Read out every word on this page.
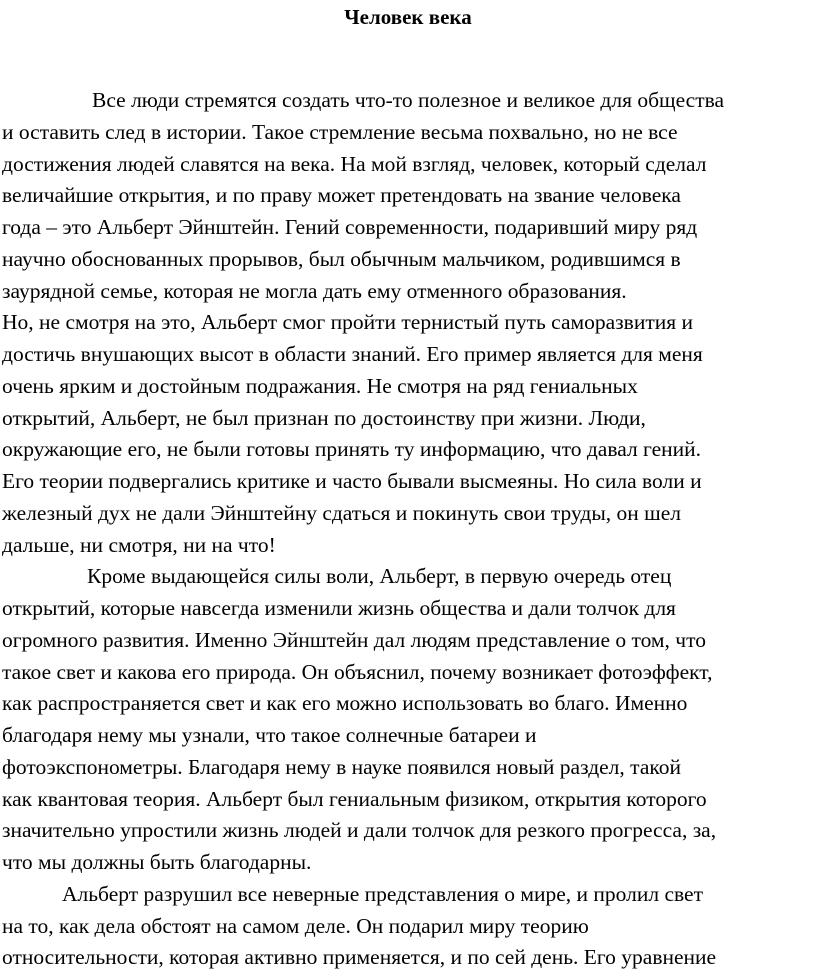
Человек века
Все люди стремятся создать что-то полезное и великое для общества
и оставить след в истории. Такое стремление весьма похвально, но не все
достижения людей славятся на века. На мой взгляд, человек, который сделал
величайшие открытия, и по праву может претендовать на звание человека
года – это Альберт Эйнштейн. Гений современности, подаривший миру ряд
научно обоснованных прорывов, был обычным мальчиком, родившимся в
заурядной семье, которая не могла дать ему отменного образования.
Но, не смотря на это, Альберт смог пройти тернистый путь саморазвития и
достичь внушающих высот в области знаний. Его пример является для меня
очень ярким и достойным подражания. Не смотря на ряд гениальных
открытий, Альберт, не был признан по достоинству при жизни. Люди,
окружающие его, не были готовы принять ту информацию, что давал гений.
Его теории подвергались критике и часто бывали высмеяны. Но сила воли и
железный дух не дали Эйнштейну сдаться и покинуть свои труды, он шел
дальше, ни смотря, ни на что!
Кроме выдающейся силы воли, Альберт, в первую очередь отец
открытий, которые навсегда изменили жизнь общества и дали толчок для
огромного развития. Именно Эйнштейн дал людям представление о том, что
такое свет и какова его природа. Он объяснил, почему возникает фотоэффект,
как распространяется свет и как его можно использовать во благо. Именно
благодаря нему мы узнали, что такое солнечные батареи и
фотоэкспонометры. Благодаря нему в науке появился новый раздел, такой
как квантовая теория. Альберт был гениальным физиком, открытия которого
значительно упростили жизнь людей и дали толчок для резкого прогресса, за,
что мы должны быть благодарны.
Альберт разрушил все неверные представления о мире, и пролил свет
на то, как дела обстоят на самом деле. Он подарил миру теорию
относительности, которая активно применяется, и по сей день. Его уравнение
